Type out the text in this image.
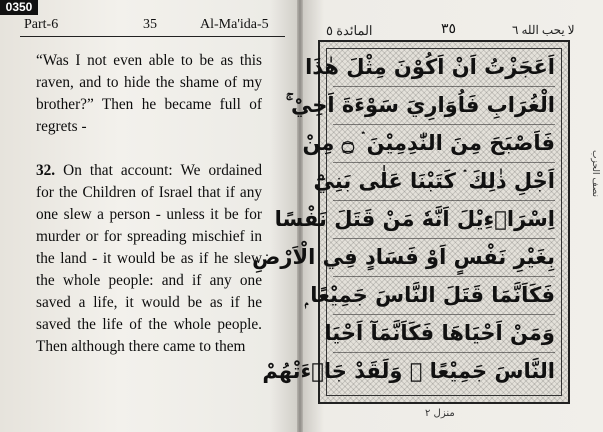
0350
Part-6	35	Al-Ma'ida-5

“Was I not even able to be as this raven, and to hide the shame of my brother?” Then he became full of regrets -

32. On that account: We ordained for the Children of Israel that if any one slew a person - unless it be for murder or for spreading mischief in the land - it would be as if he slew the whole people: and if any one saved a life, it would be as if he saved the life of the whole people. Then although there came to them

المائدة ٥	٣٥	لا يحب الله ٦
اَعَجَزْتُ اَنْ اَكُوْنَ مِثْلَ هٰذَا
الْغُرَابِ فَاُوَارِيَ سَوْءَةَ اَخِيْ ۚ
فَاَصْبَحَ مِنَ النّٰدِمِيْنَ ۛ ۝ مِنْ
اَجْلِ ذٰلِكَ ۛ كَتَبْنَا عَلٰى بَنِيْٓ
اِسْرَاۗءِيْلَ اَنَّهٗ مَنْ قَتَلَ نَفْسًا
بِغَيْرِ نَفْسٍ اَوْ فَسَادٍ فِي الْاَرْضِ
فَكَاَنَّمَا قَتَلَ النَّاسَ جَمِيْعًا ۭ
وَمَنْ اَحْيَاهَا فَكَاَنَّمَآ اَحْيَا
النَّاسَ جَمِيْعًا ۭ وَلَقَدْ جَاۗءَتْهُمْ
نصف الحزب
منزل ٢
